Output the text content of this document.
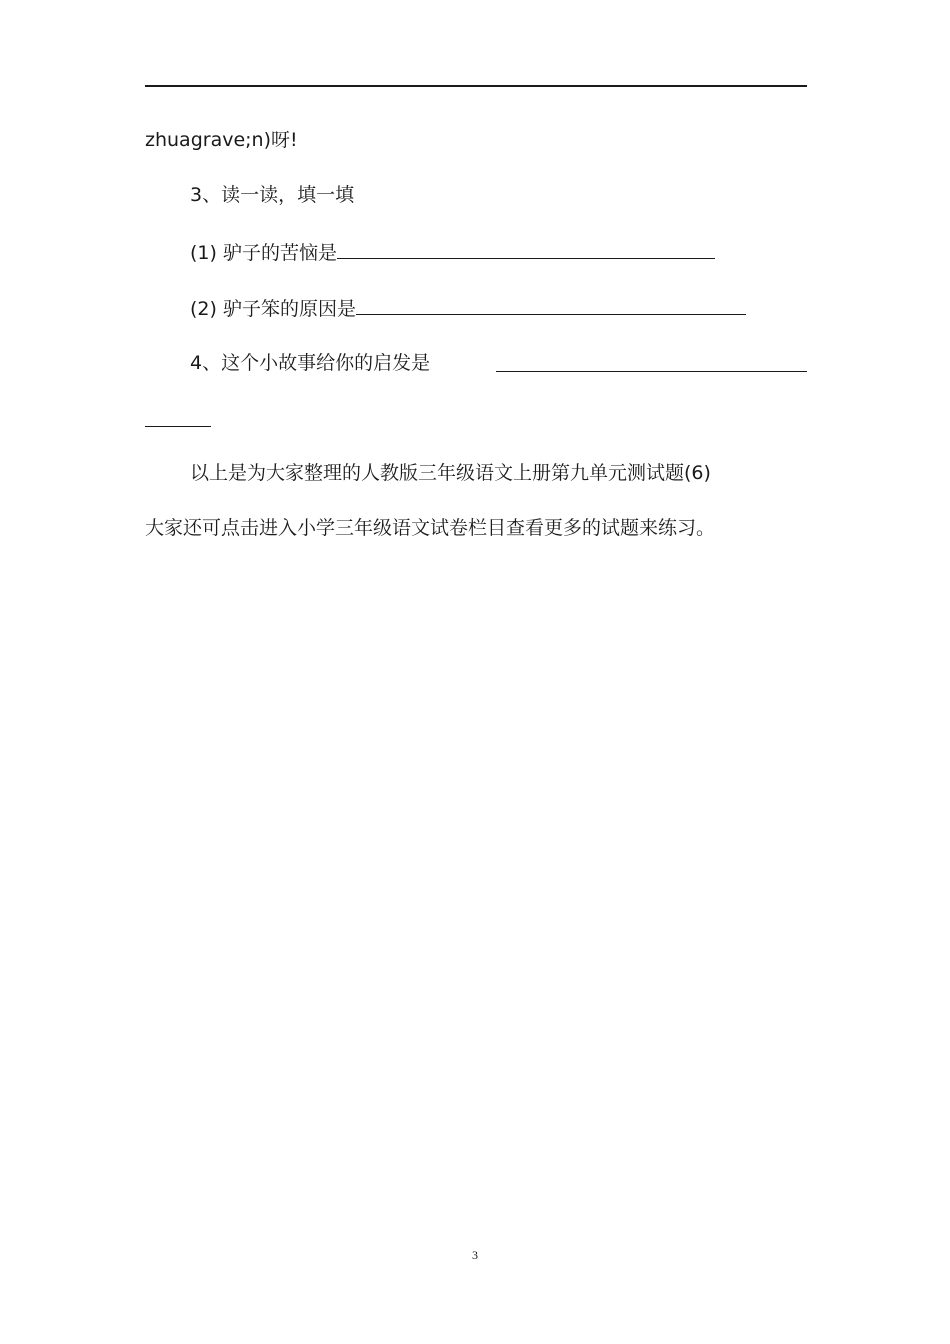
zhuagrave;n)呀!
3、读一读，填一填
(1) 驴子的苦恼是
(2) 驴子笨的原因是
4、这个小故事给你的启发是
以上是为大家整理的人教版三年级语文上册第九单元测试题(6)
大家还可点击进入小学三年级语文试卷栏目查看更多的试题来练习。
3
